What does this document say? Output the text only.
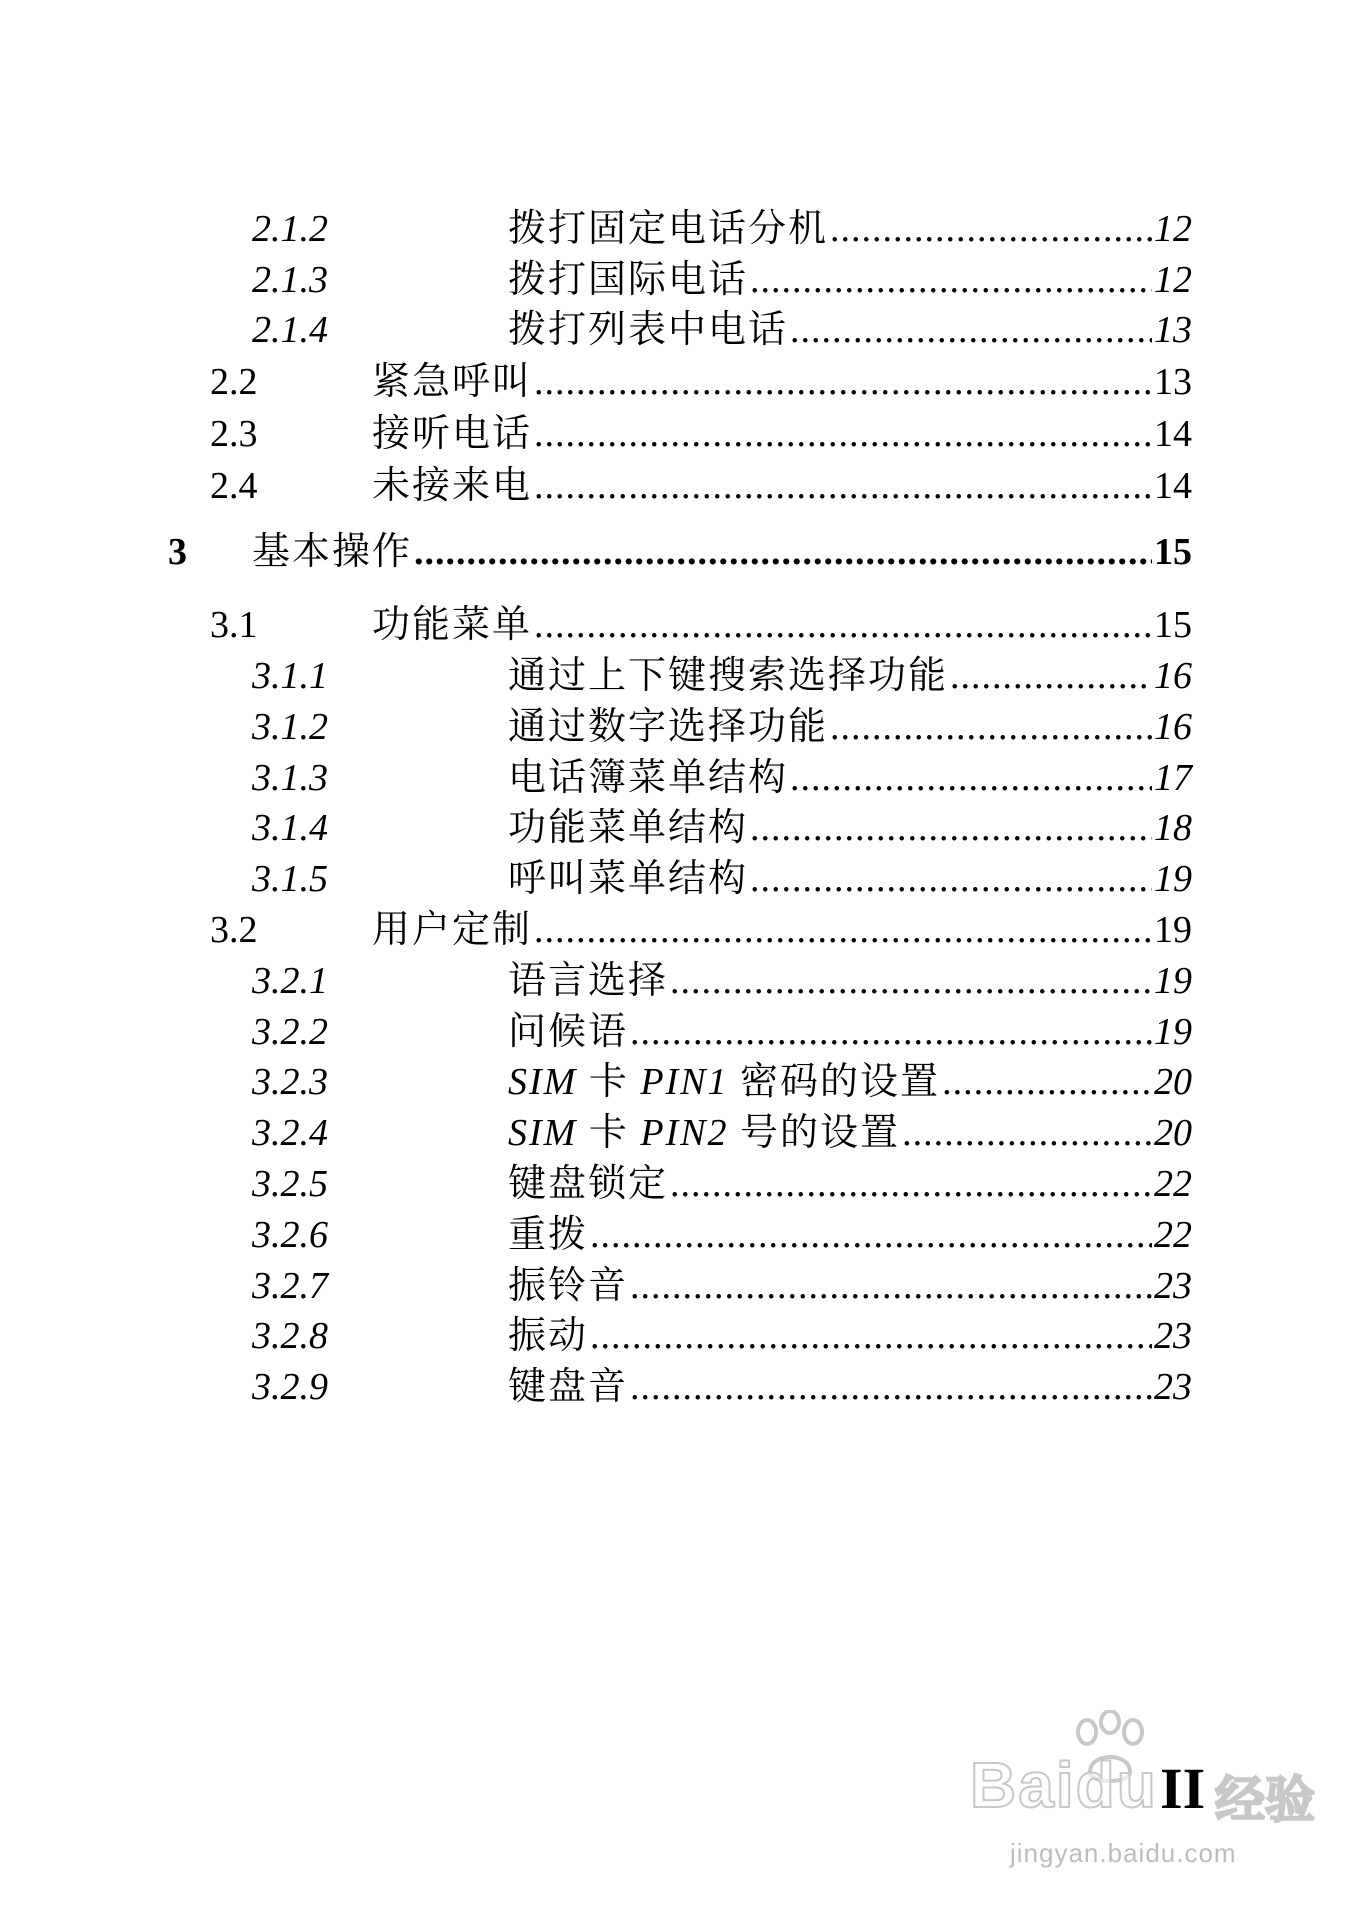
2.1.2	拨打固定电话分机 .....	12
2.1.3	拨打国际电话 .....	12
2.1.4	拨打列表中电话 .....	13
2.2	紧急呼叫 .....	13
2.3	接听电话 .....	14
2.4	未接来电 .....	14
3 基本操作 .....	15
3.1	功能菜单 .....	15
3.1.1	通过上下键搜索选择功能 .....	16
3.1.2	通过数字选择功能 .....	16
3.1.3	电话簿菜单结构 .....	17
3.1.4	功能菜单结构 .....	18
3.1.5	呼叫菜单结构 .....	19
3.2	用户定制 .....	19
3.2.1	语言选择 .....	19
3.2.2	问候语 .....	19
3.2.3	SIM 卡 PIN1 密码的设置 .....	20
3.2.4	SIM 卡 PIN2 号的设置 .....	20
3.2.5	键盘锁定 .....	22
3.2.6	重拨 .....	22
3.2.7	振铃音 .....	23
3.2.8	振动 .....	23
3.2.9	键盘音 .....	23
II
Baidu 经验
jingyan.baidu.com
